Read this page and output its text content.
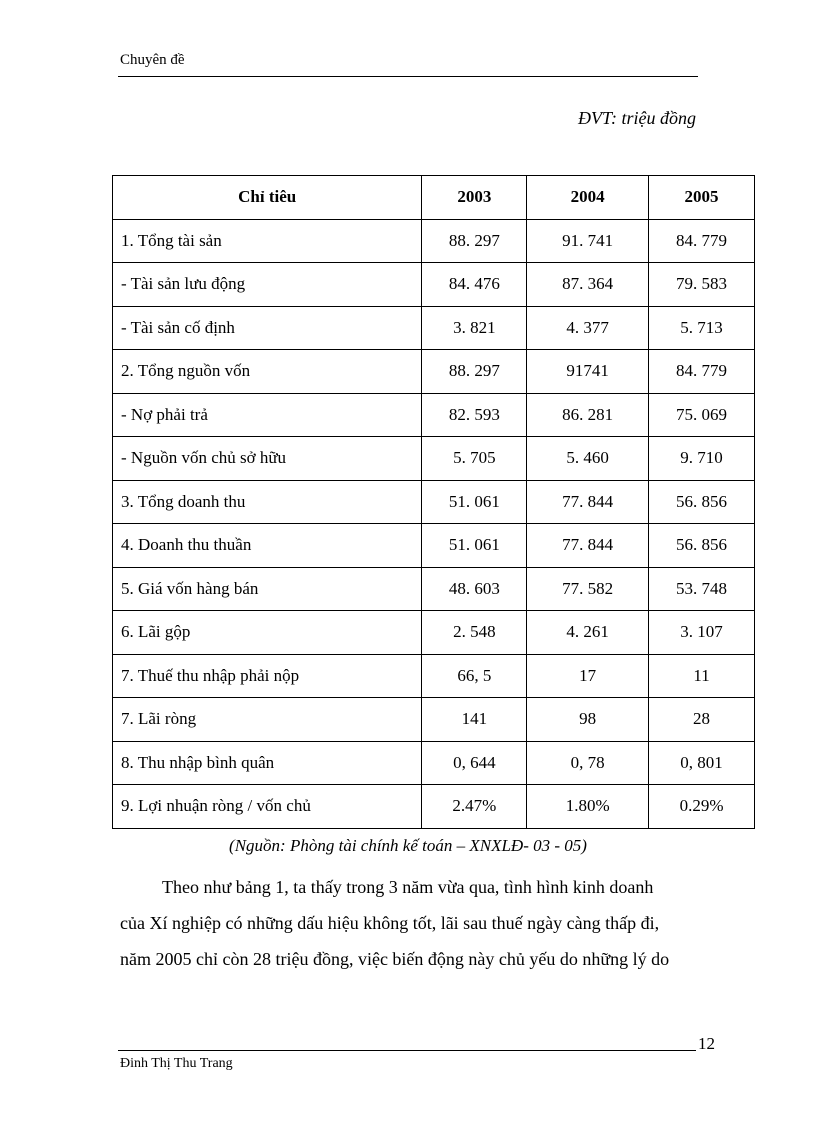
Chuyên đề
ĐVT: triệu đồng
Chỉ tiêu	2003	2004	2005
1. Tổng tài sản	88. 297	91. 741	84. 779
- Tài sản lưu động	84. 476	87. 364	79. 583
- Tài sản cố định	3. 821	4. 377	5. 713
2. Tổng nguồn vốn	88. 297	91741	84. 779
- Nợ phải trả	82. 593	86. 281	75. 069
- Nguồn vốn chủ sở hữu	5. 705	5. 460	9. 710
3. Tổng doanh thu	51. 061	77. 844	56. 856
4. Doanh thu thuần	51. 061	77. 844	56. 856
5. Giá vốn hàng bán	48. 603	77. 582	53. 748
6. Lãi gộp	2. 548	4. 261	3. 107
7. Thuế thu nhập phải nộp	66, 5	17	11
7. Lãi ròng	141	98	28
8. Thu nhập bình quân	0, 644	0, 78	0, 801
9. Lợi nhuận ròng / vốn chủ	2.47%	1.80%	0.29%
(Nguồn: Phòng tài chính kế toán – XNXLĐ- 03 - 05)
Theo như bảng 1, ta thấy trong 3 năm vừa qua, tình hình kinh doanh
của Xí nghiệp có những dấu hiệu không tốt, lãi sau thuế ngày càng thấp đi,
năm 2005 chỉ còn 28 triệu đồng, việc biến động này chủ yếu do những lý do
12
Đinh Thị Thu Trang
